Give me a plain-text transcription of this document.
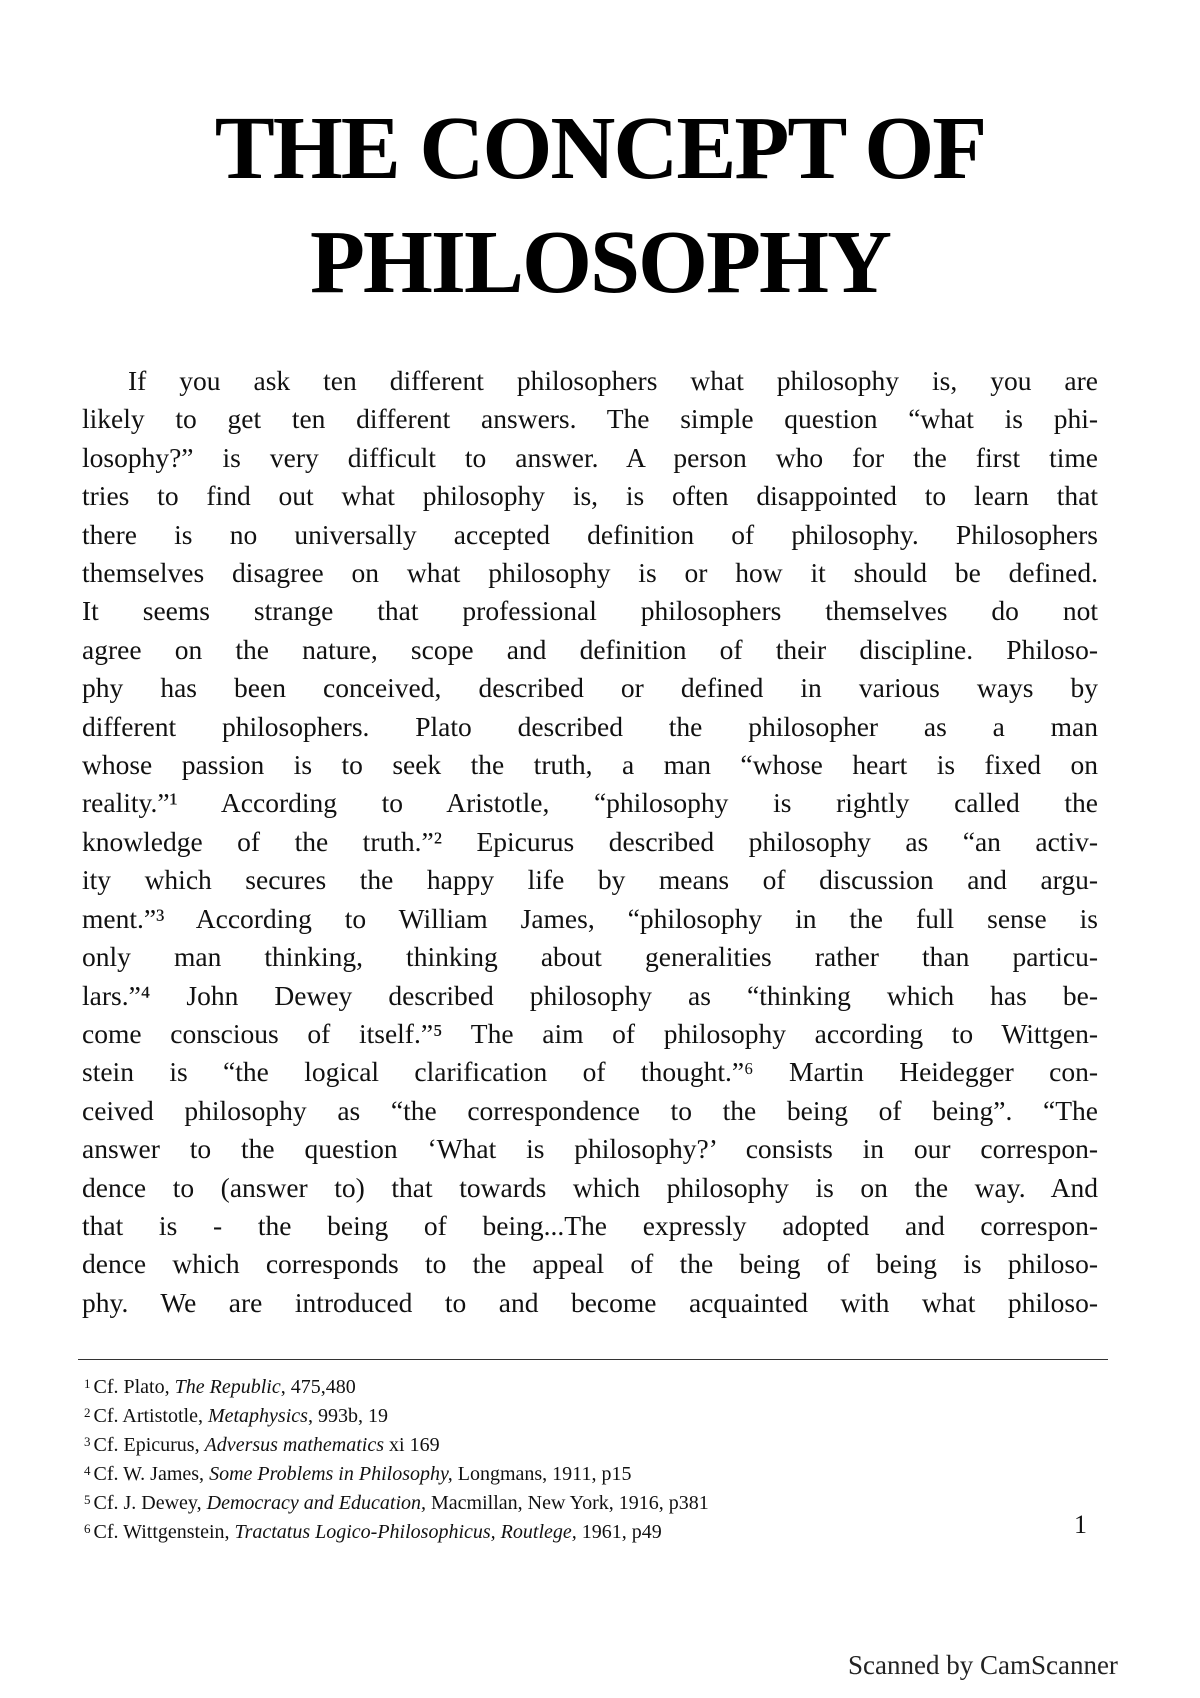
THE CONCEPT OF
PHILOSOPHY
If you ask ten different philosophers what philosophy is, you are
likely to get ten different answers. The simple question “what is phi-
losophy?” is very difficult to answer. A person who for the first time
tries to find out what philosophy is, is often disappointed to learn that
there is no universally accepted definition of philosophy. Philosophers
themselves disagree on what philosophy is or how it should be defined.
It seems strange that professional philosophers themselves do not
agree on the nature, scope and definition of their discipline. Philoso-
phy has been conceived, described or defined in various ways by
different philosophers. Plato described the philosopher as a man
whose passion is to seek the truth, a man “whose heart is fixed on
reality.”¹ According to Aristotle, “philosophy is rightly called the
knowledge of the truth.”² Epicurus described philosophy as “an activ-
ity which secures the happy life by means of discussion and argu-
ment.”³ According to William James, “philosophy in the full sense is
only man thinking, thinking about generalities rather than particu-
lars.”⁴ John Dewey described philosophy as “thinking which has be-
come conscious of itself.”⁵ The aim of philosophy according to Wittgen-
stein is “the logical clarification of thought.”⁶ Martin Heidegger con-
ceived philosophy as “the correspondence to the being of being”. “The
answer to the question ‘What is philosophy?’ consists in our correspon-
dence to (answer to) that towards which philosophy is on the way. And
that is - the being of being...The expressly adopted and correspon-
dence which corresponds to the appeal of the being of being is philoso-
phy. We are introduced to and become acquainted with what philoso-
$^1$ Cf. Plato, The Republic, 475,480
$^2$ Cf. Artistotle, Metaphysics, 993b, 19
$^3$ Cf. Epicurus, Adversus mathematics xi 169
$^4$ Cf. W. James, Some Problems in Philosophy, Longmans, 1911, p15
$^5$ Cf. J. Dewey, Democracy and Education, Macmillan, New York, 1916, p381
$^6$ Cf. Wittgenstein, Tractatus Logico-Philosophicus, Routlege, 1961, p49	1
Scanned by CamScanner
